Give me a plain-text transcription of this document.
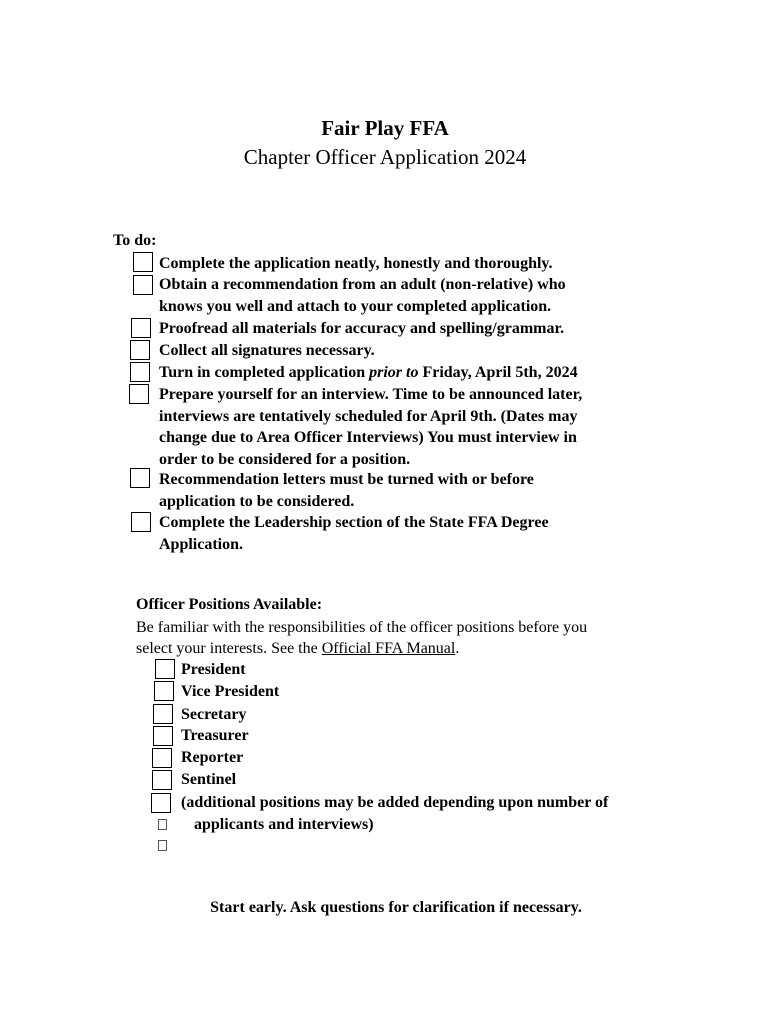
Fair Play FFA
Chapter Officer Application 2024
To do:
Complete the application neatly, honestly and thoroughly.
Obtain a recommendation from an adult (non-relative) who
knows you well and attach to your completed application.
Proofread all materials for accuracy and spelling/grammar.
Collect all signatures necessary.
Turn in completed application prior to Friday, April 5th, 2024
Prepare yourself for an interview. Time to be announced later,
interviews are tentatively scheduled for April 9th. (Dates may
change due to Area Officer Interviews) You must interview in
order to be considered for a position.
Recommendation letters must be turned with or before
application to be considered.
Complete the Leadership section of the State FFA Degree
Application.
Officer Positions Available:
Be familiar with the responsibilities of the officer positions before you
select your interests. See the Official FFA Manual.
President
Vice President
Secretary
Treasurer
Reporter
Sentinel
(additional positions may be added depending upon number of
applicants and interviews)
Start early. Ask questions for clarification if necessary.
